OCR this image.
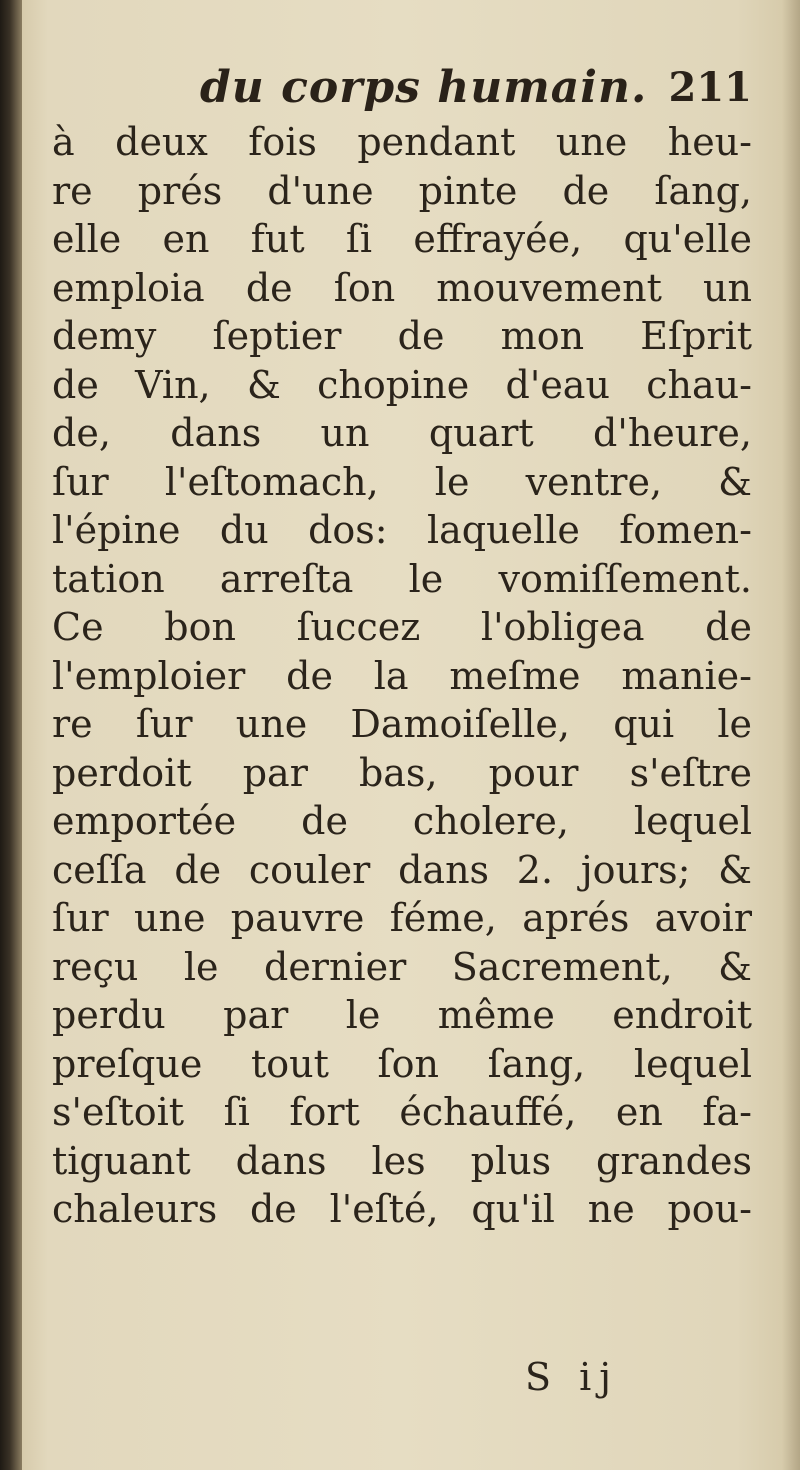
du corps humain. 211
à deux fois pendant une heu-
re prés d'une pinte de ſang,
elle en fut ſi effrayée, qu'elle
emploia de ſon mouvement un
demy ſeptier de mon Eſprit
de Vin, & chopine d'eau chau-
de, dans un quart d'heure,
ſur l'eſtomach, le ventre, &
l'épine du dos: laquelle fomen-
tation arreſta le vomiſſement.
Ce bon ſuccez l'obligea de
l'emploier de la meſme manie-
re ſur une Damoiſelle, qui le
perdoit par bas, pour s'eſtre
emportée de cholere, lequel
ceſſa de couler dans 2. jours; &
ſur une pauvre féme, aprés avoir
reçu le dernier Sacrement, &
perdu par le même endroit
preſque tout ſon ſang, lequel
s'eſtoit ſi fort échauffé, en fa-
tiguant dans les plus grandes
chaleurs de l'eſté, qu'il ne pou-
S ij
